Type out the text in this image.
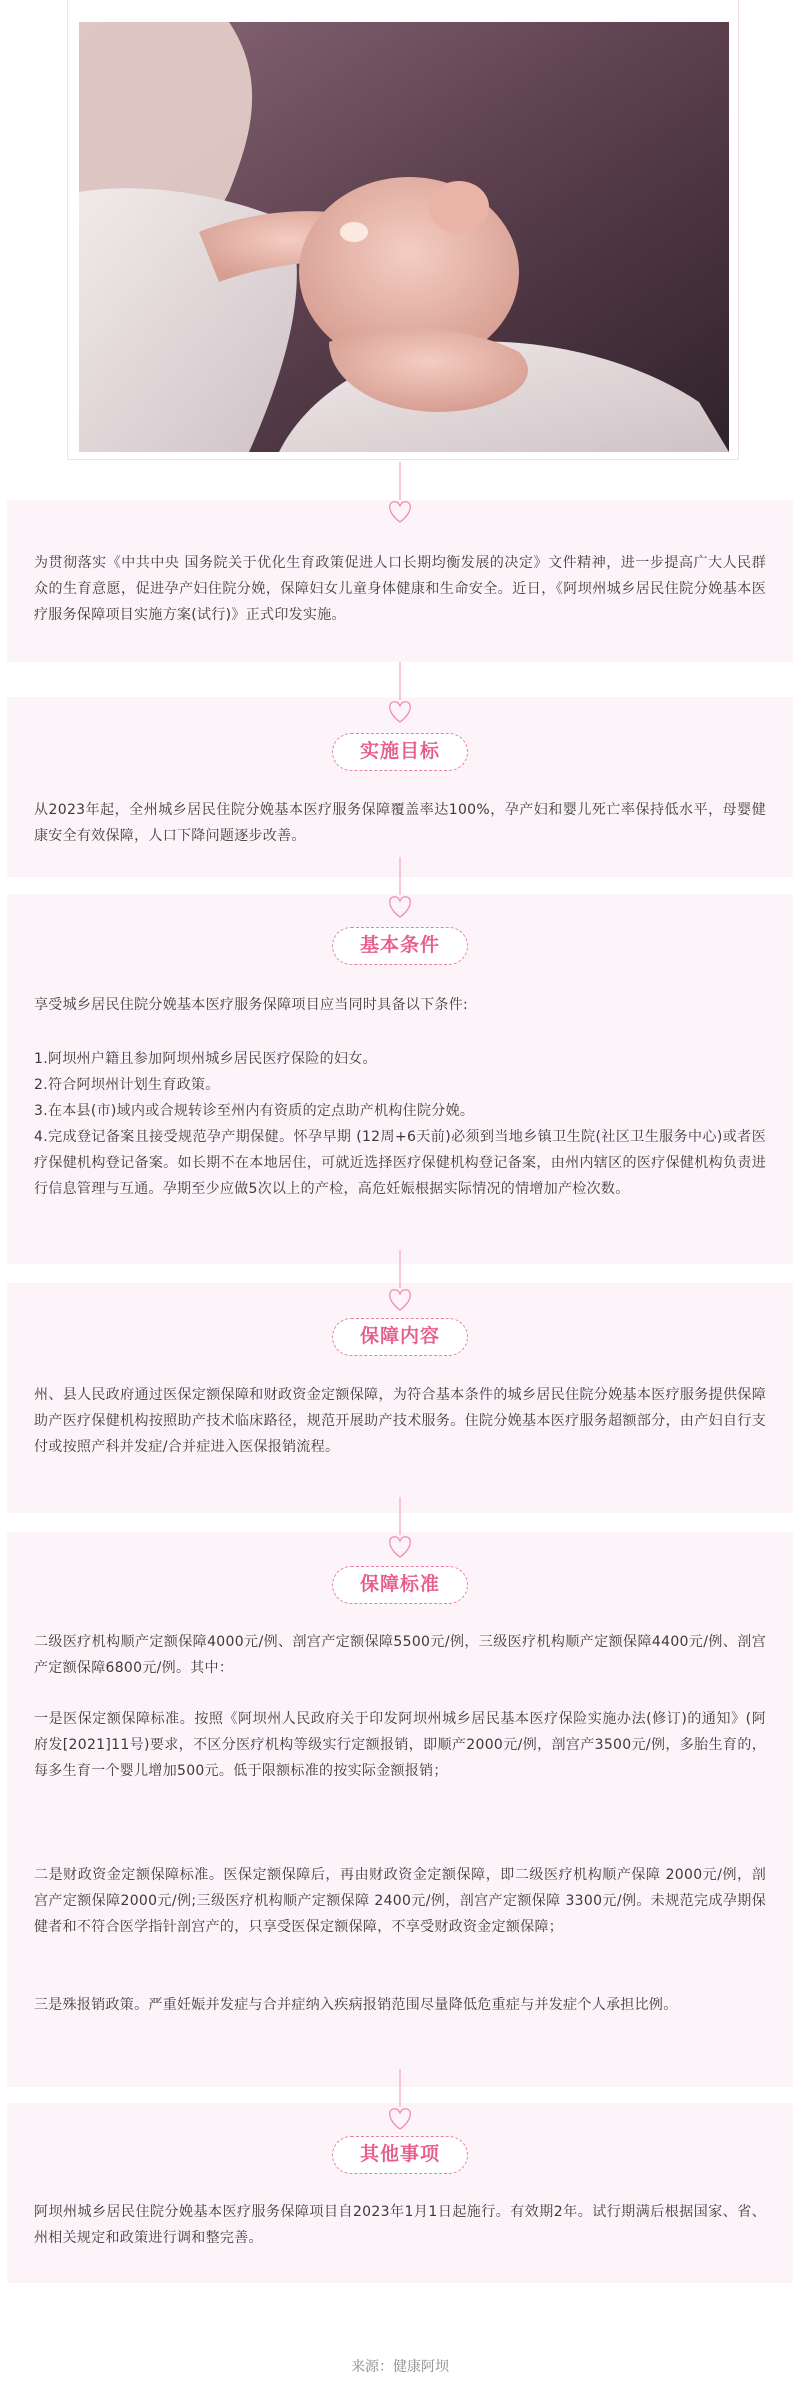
为贯彻落实《中共中央 国务院关于优化生育政策促进人口长期均衡发展的决定》文件精神，进一步提高广大人民群众的生育意愿，促进孕产妇住院分娩，保障妇女儿童身体健康和生命安全。近日，《阿坝州城乡居民住院分娩基本医疗服务保障项目实施方案(试行)》正式印发实施。

实施目标

从2023年起，全州城乡居民住院分娩基本医疗服务保障覆盖率达100%，孕产妇和婴儿死亡率保持低水平，母婴健康安全有效保障，人口下降问题逐步改善。

基本条件

享受城乡居民住院分娩基本医疗服务保障项目应当同时具备以下条件:

1.阿坝州户籍且参加阿坝州城乡居民医疗保险的妇女。

2.符合阿坝州计划生育政策。

3.在本县(市)域内或合规转诊至州内有资质的定点助产机构住院分娩。

4.完成登记备案且接受规范孕产期保健。怀孕早期 (12周+6天前)必须到当地乡镇卫生院(社区卫生服务中心)或者医疗保健机构登记备案。如长期不在本地居住，可就近选择医疗保健机构登记备案，由州内辖区的医疗保健机构负责进行信息管理与互通。孕期至少应做5次以上的产检，高危妊娠根据实际情况的情增加产检次数。

保障内容

州、县人民政府通过医保定额保障和财政资金定额保障，为符合基本条件的城乡居民住院分娩基本医疗服务提供保障助产医疗保健机构按照助产技术临床路径，规范开展助产技术服务。住院分娩基本医疗服务超额部分，由产妇自行支付或按照产科并发症/合并症进入医保报销流程。

保障标准

二级医疗机构顺产定额保障4000元/例、剖宫产定额保障5500元/例，三级医疗机构顺产定额保障4400元/例、剖宫产定额保障6800元/例。其中：

一是医保定额保障标准。按照《阿坝州人民政府关于印发阿坝州城乡居民基本医疗保险实施办法(修订)的通知》(阿府发[2021]11号)要求，不区分医疗机构等级实行定额报销，即顺产2000元/例，剖宫产3500元/例，多胎生育的，每多生育一个婴儿增加500元。低于限额标准的按实际金额报销；

二是财政资金定额保障标准。医保定额保障后，再由财政资金定额保障，即二级医疗机构顺产保障 2000元/例，剖宫产定额保障2000元/例;三级医疗机构顺产定额保障 2400元/例，剖宫产定额保障 3300元/例。未规范完成孕期保健者和不符合医学指针剖宫产的，只享受医保定额保障，不享受财政资金定额保障；

三是殊报销政策。严重妊娠并发症与合并症纳入疾病报销范围尽量降低危重症与并发症个人承担比例。

其他事项

阿坝州城乡居民住院分娩基本医疗服务保障项目自2023年1月1日起施行。有效期2年。试行期满后根据国家、省、州相关规定和政策进行调和整完善。

来源：健康阿坝
